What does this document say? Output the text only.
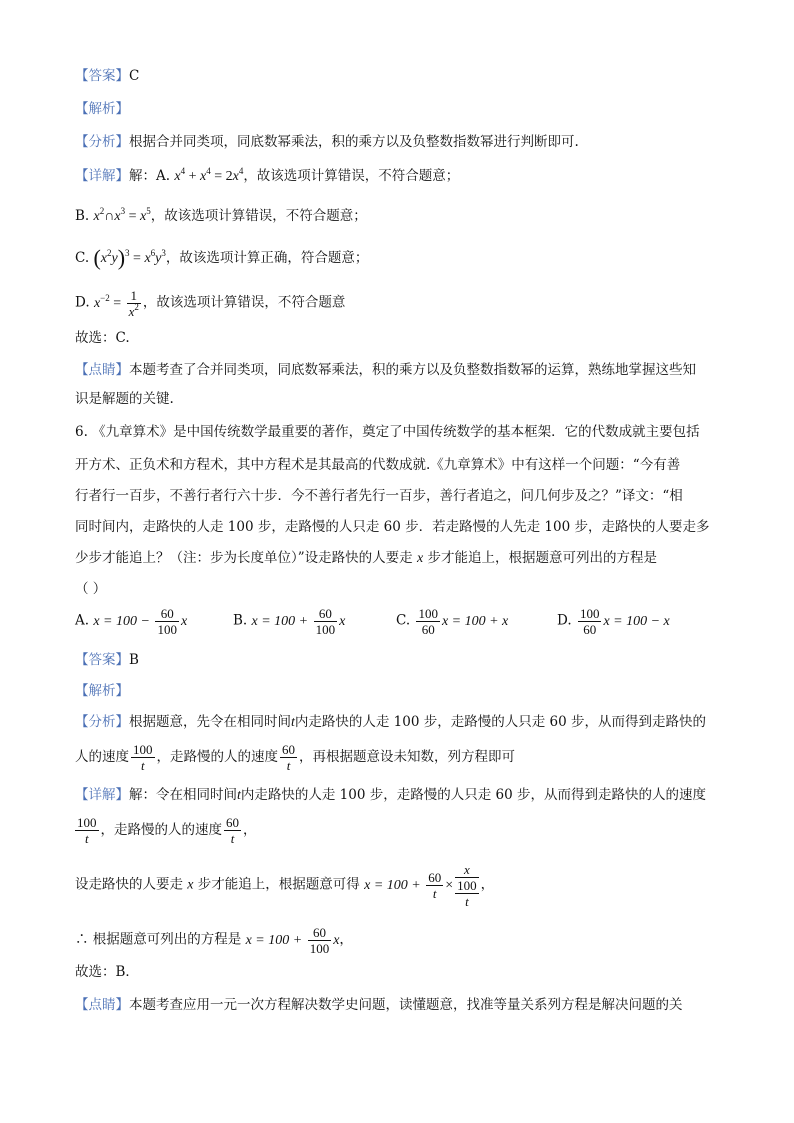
【答案】C
【解析】
【分析】根据合并同类项，同底数幂乘法，积的乘方以及负整数指数幂进行判断即可.
【详解】解：A. $x^4 + x^4 = 2x^4$，故该选项计算错误，不符合题意；
B. $x^2\cap x^3 = x^5$，故该选项计算错误，不符合题意；
C. $(x^2y)^3 = x^6y^3$，故该选项计算正确，符合题意；
D. $x^{-2} = \frac{1}{x^2}$ ，故该选项计算错误，不符合题意
故选：C.
【点睛】本题考查了合并同类项，同底数幂乘法，积的乘方以及负整数指数幂的运算，熟练地掌握这些知
识是解题的关键.
6. 《九章算术》是中国传统数学最重要的著作，奠定了中国传统数学的基本框架．它的代数成就主要包括
开方术、正负术和方程术，其中方程术是其最高的代数成就.《九章算术》中有这样一个问题：“今有善
行者行一百步，不善行者行六十步．今不善行者先行一百步，善行者追之，问几何步及之？”译文：“相
同时间内，走路快的人走 100 步，走路慢的人只走 60 步．若走路慢的人先走 100 步，走路快的人要走多
少步才能追上？（注：步为长度单位）”设走路快的人要走 x 步才能追上，根据题意可列出的方程是
（ ）
A. $x = 100 - \frac{60}{100}$ x	B. $x = 100 + \frac{60}{100}$ x	C. $\frac{100}{60}$ x = 100 + x	D. $\frac{100}{60}$ x = 100 − x
【答案】B
【解析】
【分析】根据题意，先令在相同时间t内走路快的人走 100 步，走路慢的人只走 60 步，从而得到走路快的
人的速度 $\frac{100}{t}$ ，走路慢的人的速度 $\frac{60}{t}$ ，再根据题意设未知数，列方程即可
【详解】解：令在相同时间t内走路快的人走 100 步，走路慢的人只走 60 步，从而得到走路快的人的速度
$\frac{100}{t}$ ，走路慢的人的速度 $\frac{60}{t}$ ，
设走路快的人要走 x 步才能追上，根据题意可得 $x = 100 + \frac{60}{t} \times \frac{x}{\frac{100}{t}}$ ，
∴ 根据题意可列出的方程是 $x = 100 + \frac{60}{100}$ x，
故选：B．
【点睛】本题考查应用一元一次方程解决数学史问题，读懂题意，找准等量关系列方程是解决问题的关
